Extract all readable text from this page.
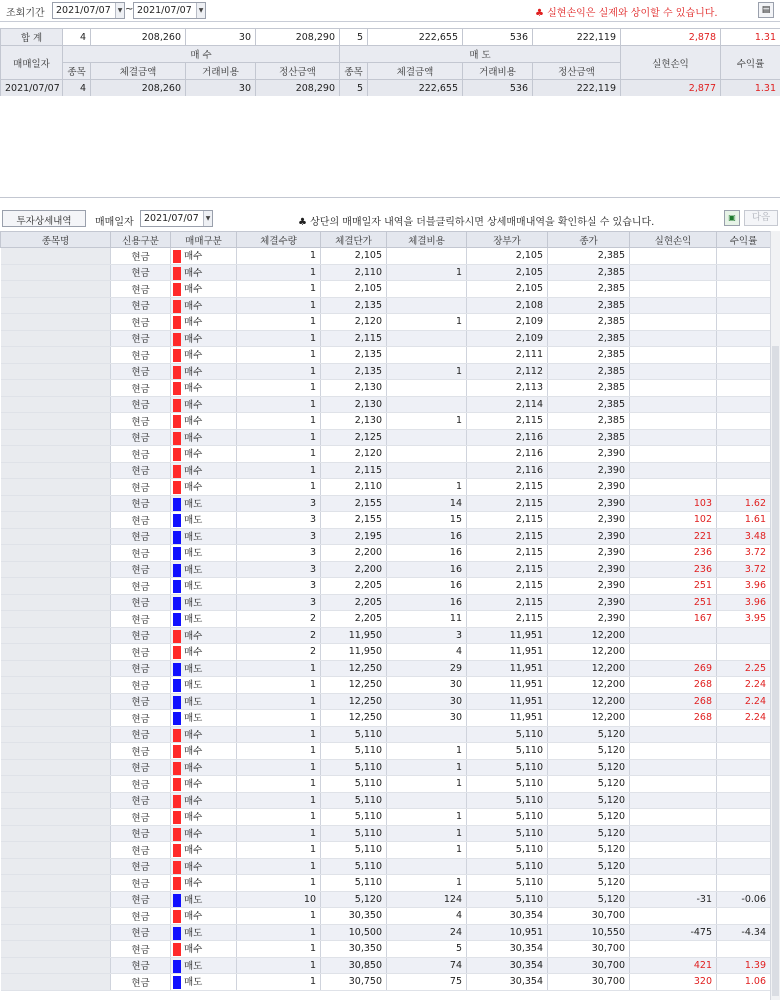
조회기간	2021/07/07	▼ ~ 2021/07/07	▼	♣ 실현손익은 실제와 상이할 수 있습니다.	▤
합 계	4	208,260	30	208,290	5	222,655	536	222,119	2,878	1.31
매매일자	매 수				매 도				실현손익	수익률
	종목	체결금액	거래비용	정산금액	종목	체결금액	거래비용	정산금액		
2021/07/07	4	208,260	30	208,290	5	222,655	536	222,119	2,877	1.31
투자상세내역	매매일자	2021/07/07	▼	♣ 상단의 매매일자 내역을 더블클릭하시면 상세매매내역을 확인하실 수 있습니다.	▣	다음
종목명	신용구분	매매구분	체결수량	체결단가	체결비용	장부가	종가	실현손익	수익률
	현금	매수	1	2,105		2,105	2,385		
	현금	매수	1	2,110	1	2,105	2,385		
	현금	매수	1	2,105		2,105	2,385		
	현금	매수	1	2,135		2,108	2,385		
	현금	매수	1	2,120	1	2,109	2,385		
	현금	매수	1	2,115		2,109	2,385		
	현금	매수	1	2,135		2,111	2,385		
	현금	매수	1	2,135	1	2,112	2,385		
	현금	매수	1	2,130		2,113	2,385		
	현금	매수	1	2,130		2,114	2,385		
	현금	매수	1	2,130	1	2,115	2,385		
	현금	매수	1	2,125		2,116	2,385		
	현금	매수	1	2,120		2,116	2,390		
	현금	매수	1	2,115		2,116	2,390		
	현금	매수	1	2,110	1	2,115	2,390		
	현금	매도	3	2,155	14	2,115	2,390	103	1.62
	현금	매도	3	2,155	15	2,115	2,390	102	1.61
	현금	매도	3	2,195	16	2,115	2,390	221	3.48
	현금	매도	3	2,200	16	2,115	2,390	236	3.72
	현금	매도	3	2,200	16	2,115	2,390	236	3.72
	현금	매도	3	2,205	16	2,115	2,390	251	3.96
	현금	매도	3	2,205	16	2,115	2,390	251	3.96
	현금	매도	2	2,205	11	2,115	2,390	167	3.95
	현금	매수	2	11,950	3	11,951	12,200		
	현금	매수	2	11,950	4	11,951	12,200		
	현금	매도	1	12,250	29	11,951	12,200	269	2.25
	현금	매도	1	12,250	30	11,951	12,200	268	2.24
	현금	매도	1	12,250	30	11,951	12,200	268	2.24
	현금	매도	1	12,250	30	11,951	12,200	268	2.24
	현금	매수	1	5,110		5,110	5,120		
	현금	매수	1	5,110	1	5,110	5,120		
	현금	매수	1	5,110	1	5,110	5,120		
	현금	매수	1	5,110	1	5,110	5,120		
	현금	매수	1	5,110		5,110	5,120		
	현금	매수	1	5,110	1	5,110	5,120		
	현금	매수	1	5,110	1	5,110	5,120		
	현금	매수	1	5,110	1	5,110	5,120		
	현금	매수	1	5,110		5,110	5,120		
	현금	매수	1	5,110	1	5,110	5,120		
	현금	매도	10	5,120	124	5,110	5,120	-31	-0.06
	현금	매수	1	30,350	4	30,354	30,700		
	현금	매도	1	10,500	24	10,951	10,550	-475	-4.34
	현금	매수	1	30,350	5	30,354	30,700		
	현금	매도	1	30,850	74	30,354	30,700	421	1.39
	현금	매도	1	30,750	75	30,354	30,700	320	1.06
